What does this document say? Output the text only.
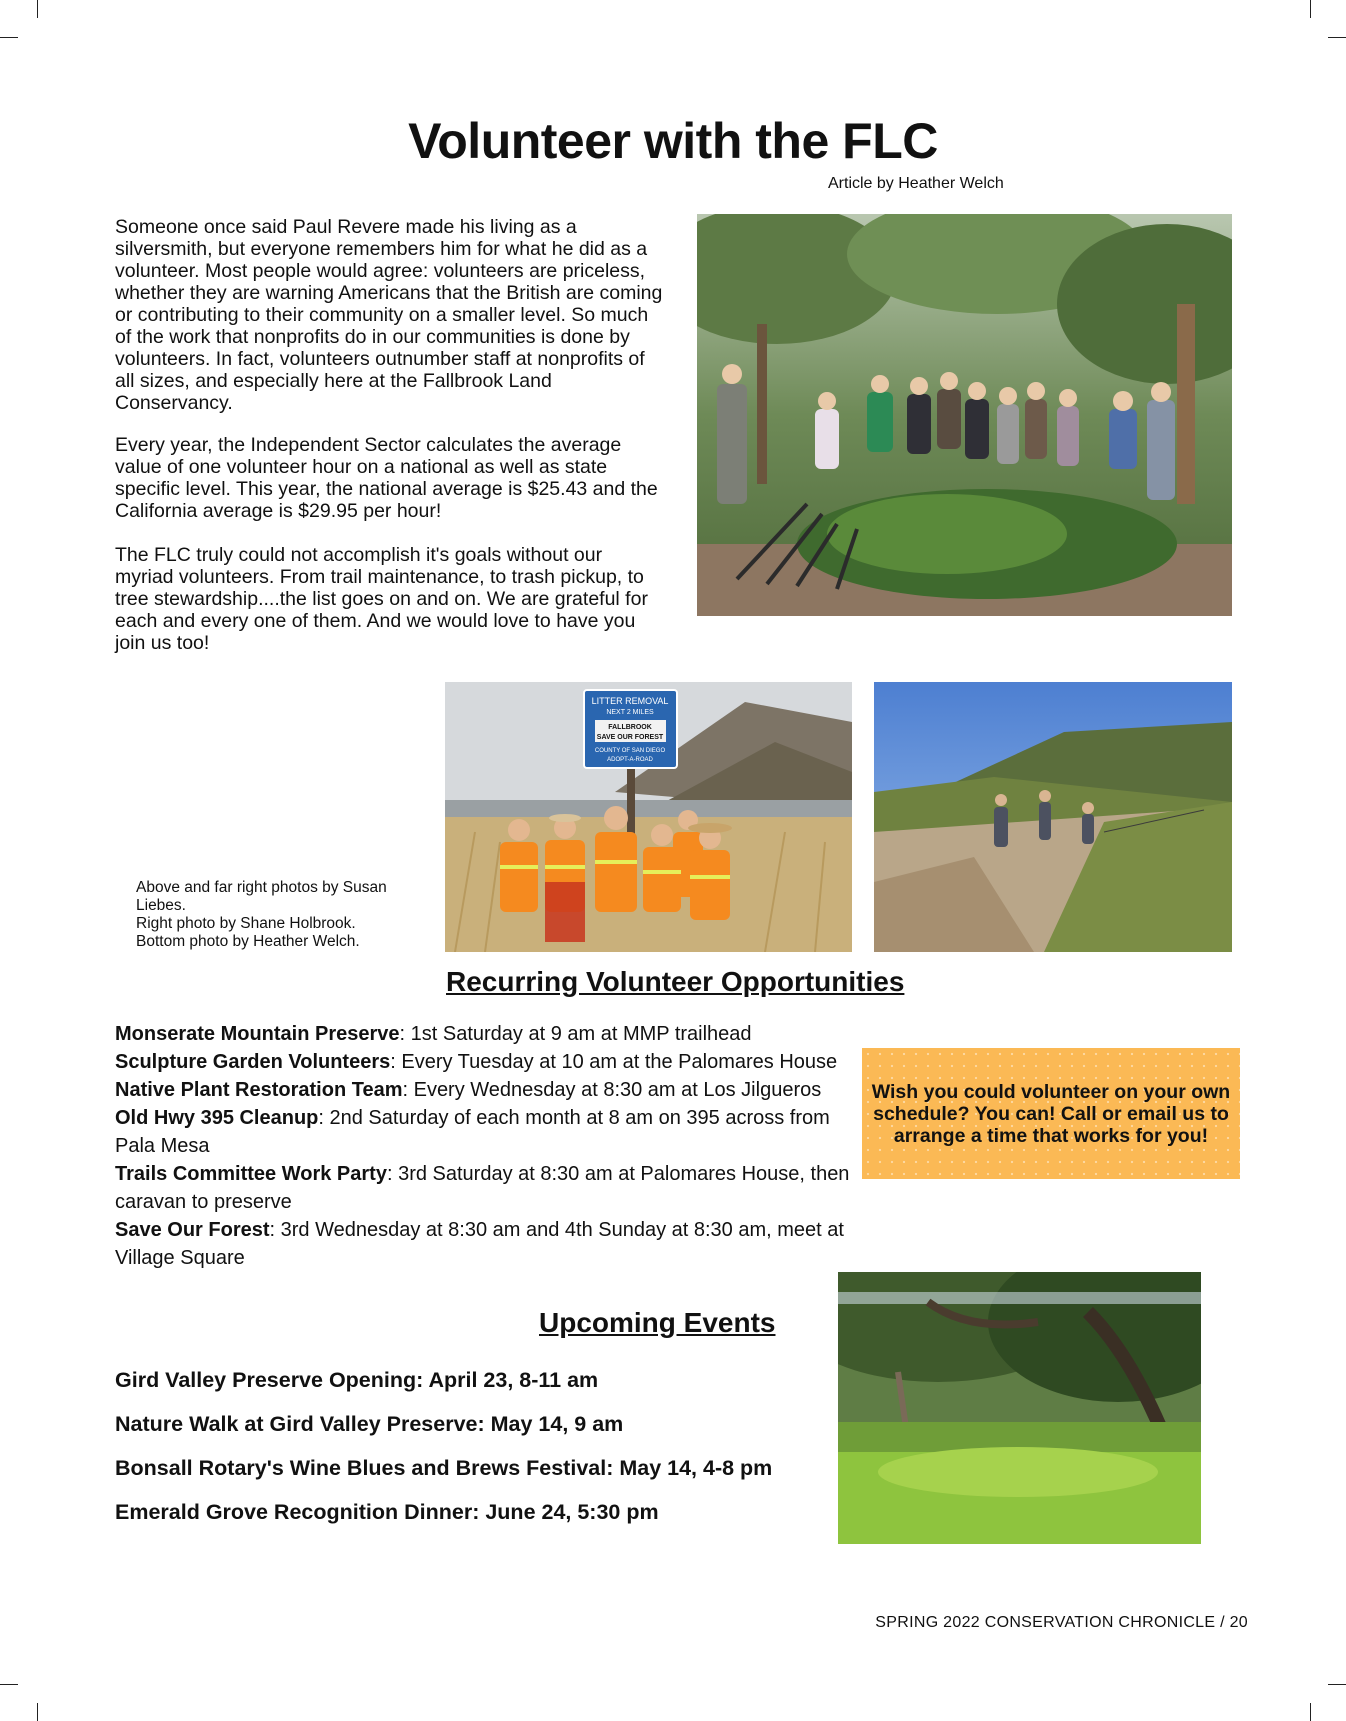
Volunteer with the FLC
Article by Heather Welch

Someone once said Paul Revere made his living as a silversmith, but everyone remembers him for what he did as a volunteer. Most people would agree: volunteers are priceless, whether they are warning Americans that the British are coming or contributing to their community on a smaller level. So much of the work that nonprofits do in our communities is done by volunteers. In fact, volunteers outnumber staff at nonprofits of all sizes, and especially here at the Fallbrook Land Conservancy.

Every year, the Independent Sector calculates the average value of one volunteer hour on a national as well as state specific level. This year, the national average is $25.43 and the California average is $29.95 per hour!

The FLC truly could not accomplish it's goals without our myriad volunteers. From trail maintenance, to trash pickup, to tree stewardship....the list goes on and on. We are grateful for each and every one of them. And we would love to have you join us too!

LITTER REMOVAL
NEXT 2 MILES
FALLBROOK
SAVE OUR FOREST
COUNTY OF SAN DIEGO
ADOPT-A-ROAD
Above and far right photos by Susan Liebes.
Right photo by Shane Holbrook.
Bottom photo by Heather Welch.
Recurring Volunteer Opportunities

Monserate Mountain Preserve: 1st Saturday at 9 am at MMP trailhead

Sculpture Garden Volunteers: Every Tuesday at 10 am at the Palomares House

Native Plant Restoration Team: Every Wednesday at 8:30 am at Los Jilgueros

Old Hwy 395 Cleanup: 2nd Saturday of each month at 8 am on 395 across from Pala Mesa

Trails Committee Work Party: 3rd Saturday at 8:30 am at Palomares House, then caravan to preserve

Save Our Forest: 3rd Wednesday at 8:30 am and 4th Sunday at 8:30 am, meet at Village Square

Wish you could volunteer on your own schedule? You can! Call or email us to arrange a time that works for you!
Upcoming Events

Gird Valley Preserve Opening: April 23, 8-11 am

Nature Walk at Gird Valley Preserve: May 14, 9 am

Bonsall Rotary's Wine Blues and Brews Festival: May 14, 4-8 pm

Emerald Grove Recognition Dinner: June 24, 5:30 pm

SPRING 2022 CONSERVATION CHRONICLE / 20
